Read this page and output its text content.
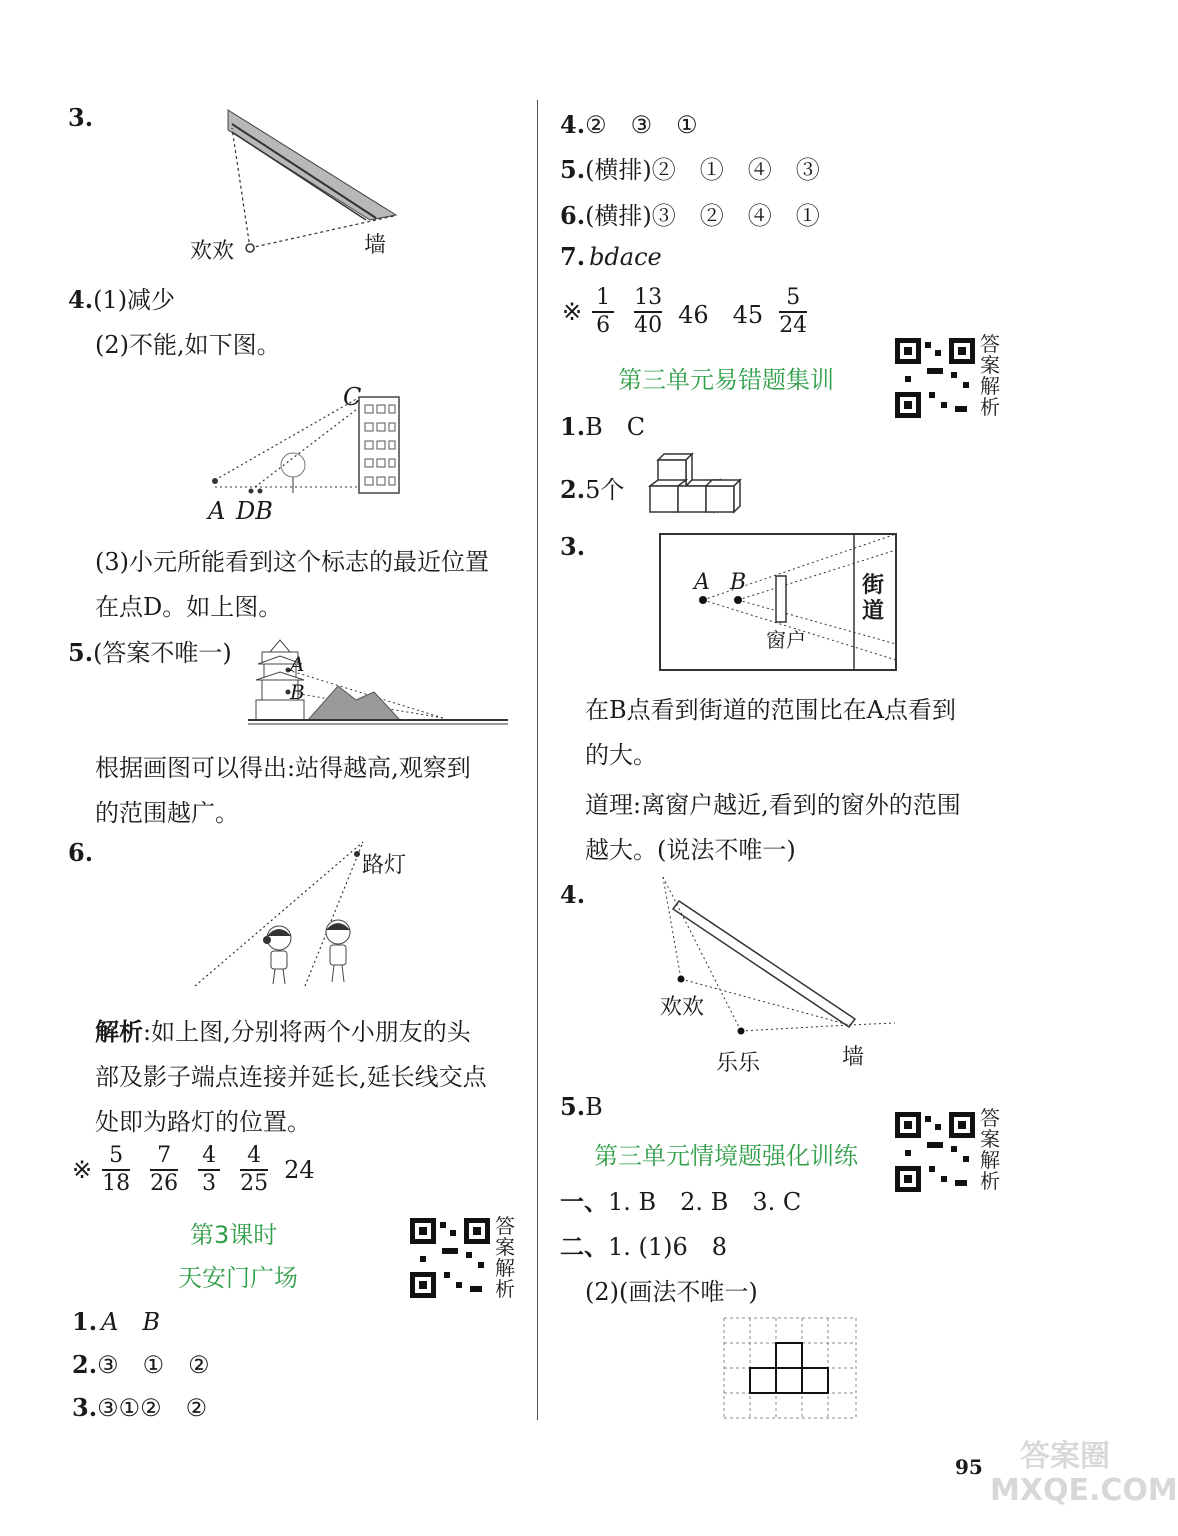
3.
欢欢	墙
4.(1)减少
(2)不能,如下图。
C
A DB
(3)小元所能看到这个标志的最近位置
在点D。如上图。
5.(答案不唯一)	A
B
根据画图可以得出:站得越高,观察到
的范围越广。
6.	路灯
解析:如上图,分别将两个小朋友的头
部及影子端点连接并延长,延长线交点
处即为路灯的位置。
※ $\frac{5}{18} \frac{7}{26} \frac{4}{3} \frac{4}{25} 24$
第3课时
天安门广场
答案解析
1. A　B
2.③　①　②
3.③①②　②
4.②　③　①
5.(横排)②　①　④　③
6.(横排)③　②　④　①
7. bdace
※ $\frac{1}{6} \frac{13}{40} 46$　$45 \frac{5}{24}$
第三单元易错题集训
答案解析
1.B　C
2.5个
3.
A B	街道
窗户
在B点看到街道的范围比在A点看到
的大。
道理:离窗户越近,看到的窗外的范围
越大。(说法不唯一)
4.
欢欢
乐乐	墙
5.B
第三单元情境题强化训练
答案解析
一、1. B　2. B　3. C
二、1. (1)6　8
(2)(画法不唯一)
95	答案圈 MXQE.COM
